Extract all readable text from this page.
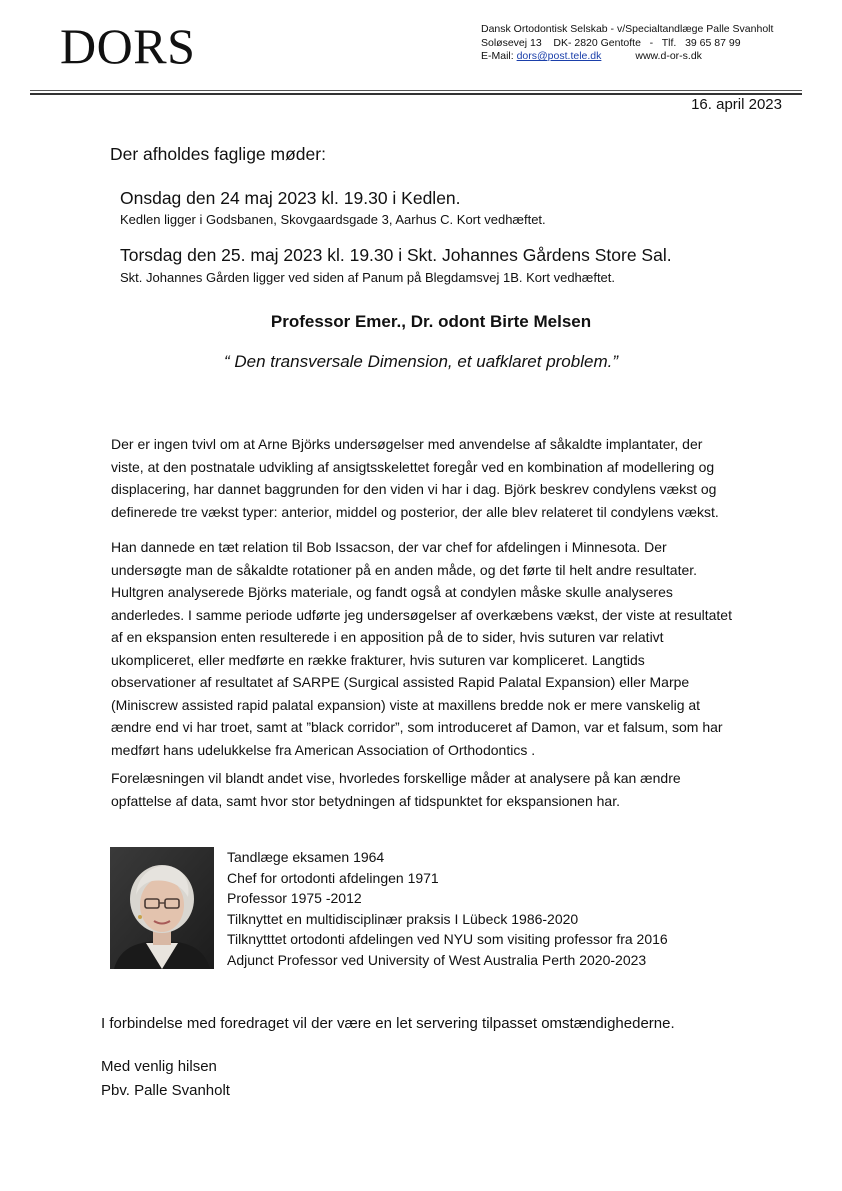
DORS	Dansk Ortodontisk Selskab - v/Specialtandlæge Palle Svanholt
Soløsevej 13    DK- 2820 Gentofte   -   Tlf.   39 65 87 99
E-Mail: dors@post.tele.dk	www.d-or-s.dk
16. april 2023
Der afholdes faglige møder:
Onsdag den 24 maj 2023 kl. 19.30 i Kedlen.
Kedlen ligger i Godsbanen, Skovgaardsgade 3, Aarhus C. Kort vedhæftet.
Torsdag den 25. maj 2023 kl. 19.30 i Skt. Johannes Gårdens Store Sal.
Skt. Johannes Gården ligger ved siden af Panum på Blegdamsvej 1B. Kort vedhæftet.
Professor Emer., Dr. odont Birte Melsen
“ Den transversale Dimension, et uafklaret problem.”
Der er ingen tvivl om at Arne Björks undersøgelser med anvendelse af såkaldte implantater, der
viste, at den postnatale udvikling af ansigtsskelettet foregår ved en kombination af modellering og
displacering, har dannet baggrunden for den viden vi har i dag. Björk beskrev condylens vækst og
definerede tre vækst typer: anterior, middel og posterior, der alle blev relateret til condylens vækst.
Han dannede en tæt relation til Bob Issacson, der var chef for afdelingen i Minnesota. Der
undersøgte man de såkaldte rotationer på en anden måde, og det førte til helt andre resultater.
Hultgren analyserede Björks materiale, og fandt også at condylen måske skulle analyseres
anderledes. I samme periode udførte jeg undersøgelser af overkæbens vækst, der viste at resultatet
af en ekspansion enten resulterede i en apposition på de to sider, hvis suturen var relativt
ukompliceret, eller medførte en række frakturer, hvis suturen var kompliceret. Langtids
observationer af resultatet af SARPE (Surgical assisted Rapid Palatal Expansion) eller Marpe
(Miniscrew assisted rapid palatal expansion) viste at maxillens bredde nok er mere vanskelig at
ændre end vi har troet, samt at ”black corridor”, som introduceret af Damon, var et falsum, som har
medført hans udelukkelse fra American Association of Orthodontics .
Forelæsningen vil blandt andet vise, hvorledes forskellige måder at analysere på kan ændre
opfattelse af data, samt hvor stor betydningen af tidspunktet for ekspansionen har.
Tandlæge eksamen 1964
Chef for ortodonti afdelingen 1971
Professor 1975 -2012
Tilknyttet en multidisciplinær praksis I Lübeck 1986-2020
Tilknytttet ortodonti afdelingen ved NYU som visiting professor fra 2016
Adjunct Professor ved University of West Australia Perth 2020-2023
I forbindelse med foredraget vil der være en let servering tilpasset omstændighederne.
Med venlig hilsen
Pbv. Palle Svanholt
